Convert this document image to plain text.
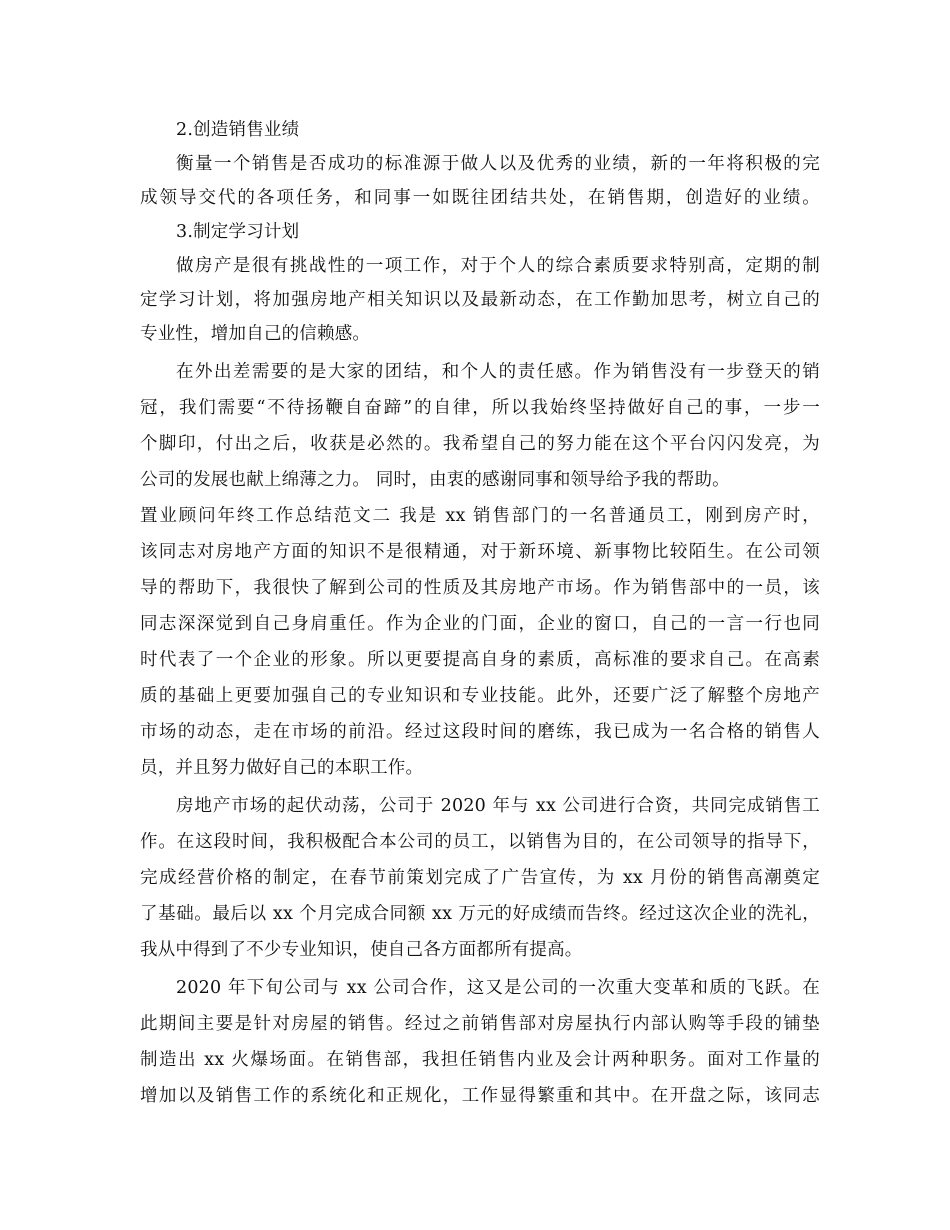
2.创造销售业绩
衡量一个销售是否成功的标准源于做人以及优秀的业绩，新的一年将积极的完
成领导交代的各项任务，和同事一如既往团结共处，在销售期，创造好的业绩。
3.制定学习计划
做房产是很有挑战性的一项工作，对于个人的综合素质要求特别高，定期的制
定学习计划，将加强房地产相关知识以及最新动态，在工作勤加思考，树立自己的
专业性，增加自己的信赖感。
在外出差需要的是大家的团结，和个人的责任感。作为销售没有一步登天的销
冠，我们需要“不待扬鞭自奋蹄”的自律，所以我始终坚持做好自己的事，一步一
个脚印，付出之后，收获是必然的。我希望自己的努力能在这个平台闪闪发亮，为
公司的发展也献上绵薄之力。 同时，由衷的感谢同事和领导给予我的帮助。
置业顾问年终工作总结范文二 我是 xx 销售部门的一名普通员工，刚到房产时，
该同志对房地产方面的知识不是很精通，对于新环境、新事物比较陌生。在公司领
导的帮助下，我很快了解到公司的性质及其房地产市场。作为销售部中的一员，该
同志深深觉到自己身肩重任。作为企业的门面，企业的窗口，自己的一言一行也同
时代表了一个企业的形象。所以更要提高自身的素质，高标准的要求自己。在高素
质的基础上更要加强自己的专业知识和专业技能。此外，还要广泛了解整个房地产
市场的动态，走在市场的前沿。经过这段时间的磨练，我已成为一名合格的销售人
员，并且努力做好自己的本职工作。
房地产市场的起伏动荡，公司于 2020 年与 xx 公司进行合资，共同完成销售工
作。在这段时间，我积极配合本公司的员工，以销售为目的，在公司领导的指导下，
完成经营价格的制定，在春节前策划完成了广告宣传，为 xx 月份的销售高潮奠定
了基础。最后以 xx 个月完成合同额 xx 万元的好成绩而告终。经过这次企业的洗礼，
我从中得到了不少专业知识，使自己各方面都所有提高。
2020 年下旬公司与 xx 公司合作，这又是公司的一次重大变革和质的飞跃。在
此期间主要是针对房屋的销售。经过之前销售部对房屋执行内部认购等手段的铺垫
制造出 xx 火爆场面。在销售部，我担任销售内业及会计两种职务。面对工作量的
增加以及销售工作的系统化和正规化，工作显得繁重和其中。在开盘之际，该同志
